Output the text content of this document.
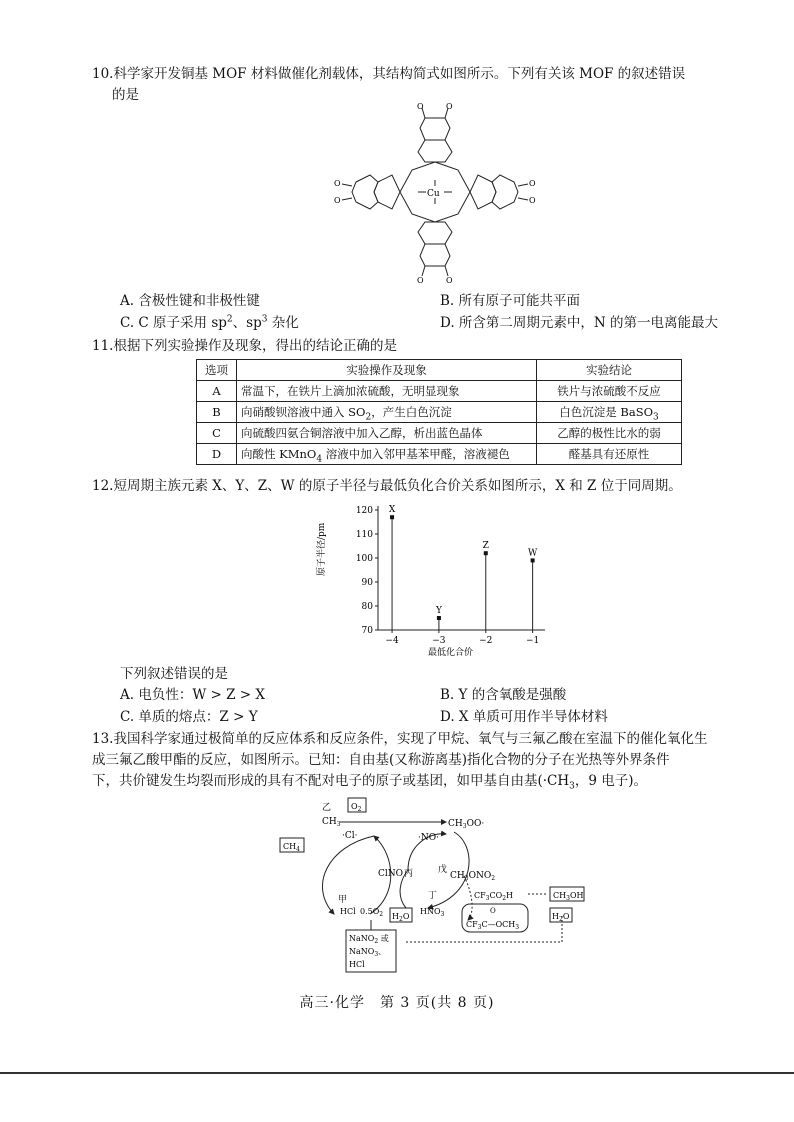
10.科学家开发铜基 MOF 材料做催化剂载体，其结构简式如图所示。下列有关该 MOF 的叙述错误
的是
Cu
O	O
O	O
O
O
O
O
A. 含极性键和非极性键	B. 所有原子可能共平面
C. C 原子采用 $sp^2$、$sp^3$ 杂化	D. 所含第二周期元素中，N 的第一电离能最大
11.根据下列实验操作及现象，得出的结论正确的是
选项	实验操作及现象	实验结论
A	常温下，在铁片上滴加浓硫酸，无明显现象	铁片与浓硫酸不反应
B	向硝酸钡溶液中通入 $SO_2$，产生白色沉淀	白色沉淀是 BaSO$_3$
C	向硫酸四氨合铜溶液中加入乙醇，析出蓝色晶体	乙醇的极性比水的弱
D	向酸性 KMnO$_4$ 溶液中加入邻甲基苯甲醛，溶液褪色	醛基具有还原性
12.短周期主族元素 X、Y、Z、W 的原子半径与最低负化合价关系如图所示，X 和 Z 位于同周期。
原子半径/pm
最低化合价
70
80
90
100
110
120
−4	−3	−2	−1
X
Y
Z
W
下列叙述错误的是
A. 电负性：W > Z > X	B. Y 的含氧酸是强酸
C. 单质的熔点：Z > Y	D. X 单质可用作半导体材料
13.我国科学家通过极简单的反应体系和反应条件，实现了甲烷、氧气与三氟乙酸在室温下的催化氧化生
成三氟乙酸甲酯的反应，如图所示。已知：自由基(又称游离基)指化合物的分子在光热等外界条件
下，共价键发生均裂而形成的具有不配对电子的原子或基团，如甲基自由基($\cdot CH_3$，9 电子)。
乙
$CH_3$
$O_2$
$CH_3OO\cdot$
·Cl·	·NO·
$CH_4$
戊
$CH_3ONO_2$
ClNO 丙
$CF_3CO_2H$	$CH_3OH$
甲	丁
HCl $0.5O_2$	$HNO_3$
$H_2O$	$H_2O$
O
$CF_3C—OCH_3$
NaNO$_2$ 或
NaNO$_3$、
HCl
高三·化学　第 3 页(共 8 页)
